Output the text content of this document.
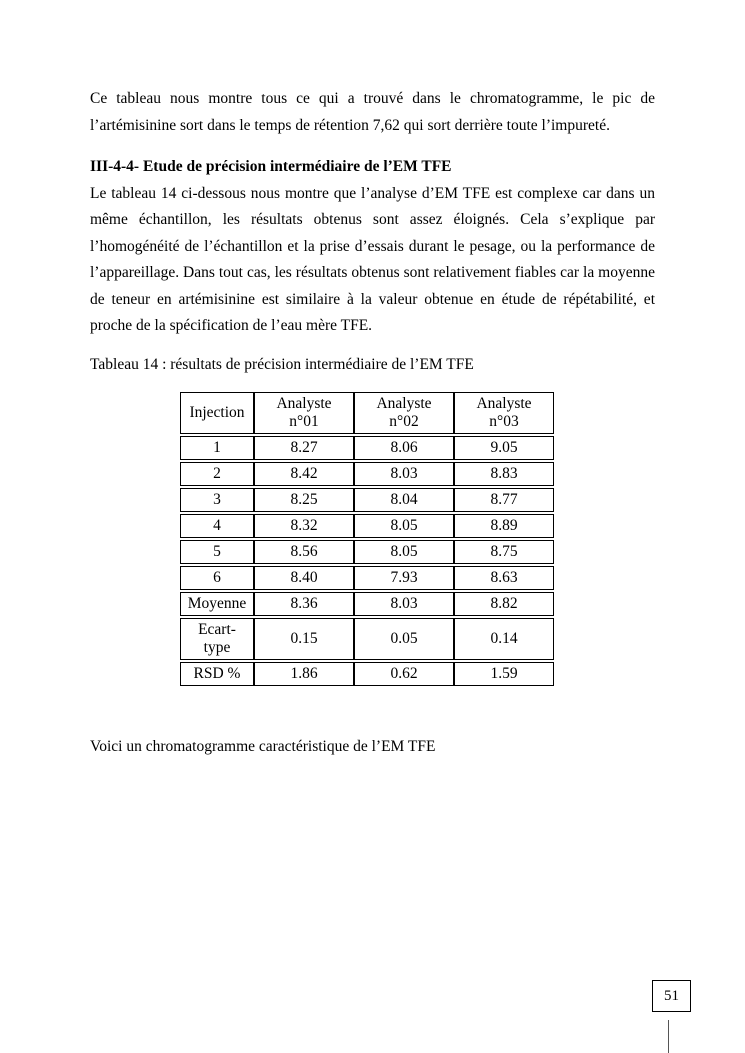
Ce tableau nous montre tous ce qui a trouvé dans le chromatogramme, le pic de l’artémisinine sort dans le temps de rétention 7,62 qui sort derrière toute l’impureté.

III-4-4- Etude de précision intermédiaire de l’EM TFE

Le tableau 14 ci-dessous nous montre que l’analyse d’EM TFE est complexe car dans un même échantillon, les résultats obtenus sont assez éloignés. Cela s’explique par l’homogénéité de l’échantillon et la prise d’essais durant le pesage, ou la performance de l’appareillage. Dans tout cas, les résultats obtenus sont relativement fiables car la moyenne de teneur en artémisinine est similaire à la valeur obtenue en étude de répétabilité, et proche de la spécification de l’eau mère TFE.

Tableau 14 : résultats de précision intermédiaire de l’EM TFE

Injection	Analyste n°01	Analyste n°02	Analyste n°03
1	8.27	8.06	9.05
2	8.42	8.03	8.83
3	8.25	8.04	8.77
4	8.32	8.05	8.89
5	8.56	8.05	8.75
6	8.40	7.93	8.63
Moyenne	8.36	8.03	8.82
Ecart-type	0.15	0.05	0.14
RSD %	1.86	0.62	1.59

Voici un chromatogramme caractéristique de l’EM TFE

51
